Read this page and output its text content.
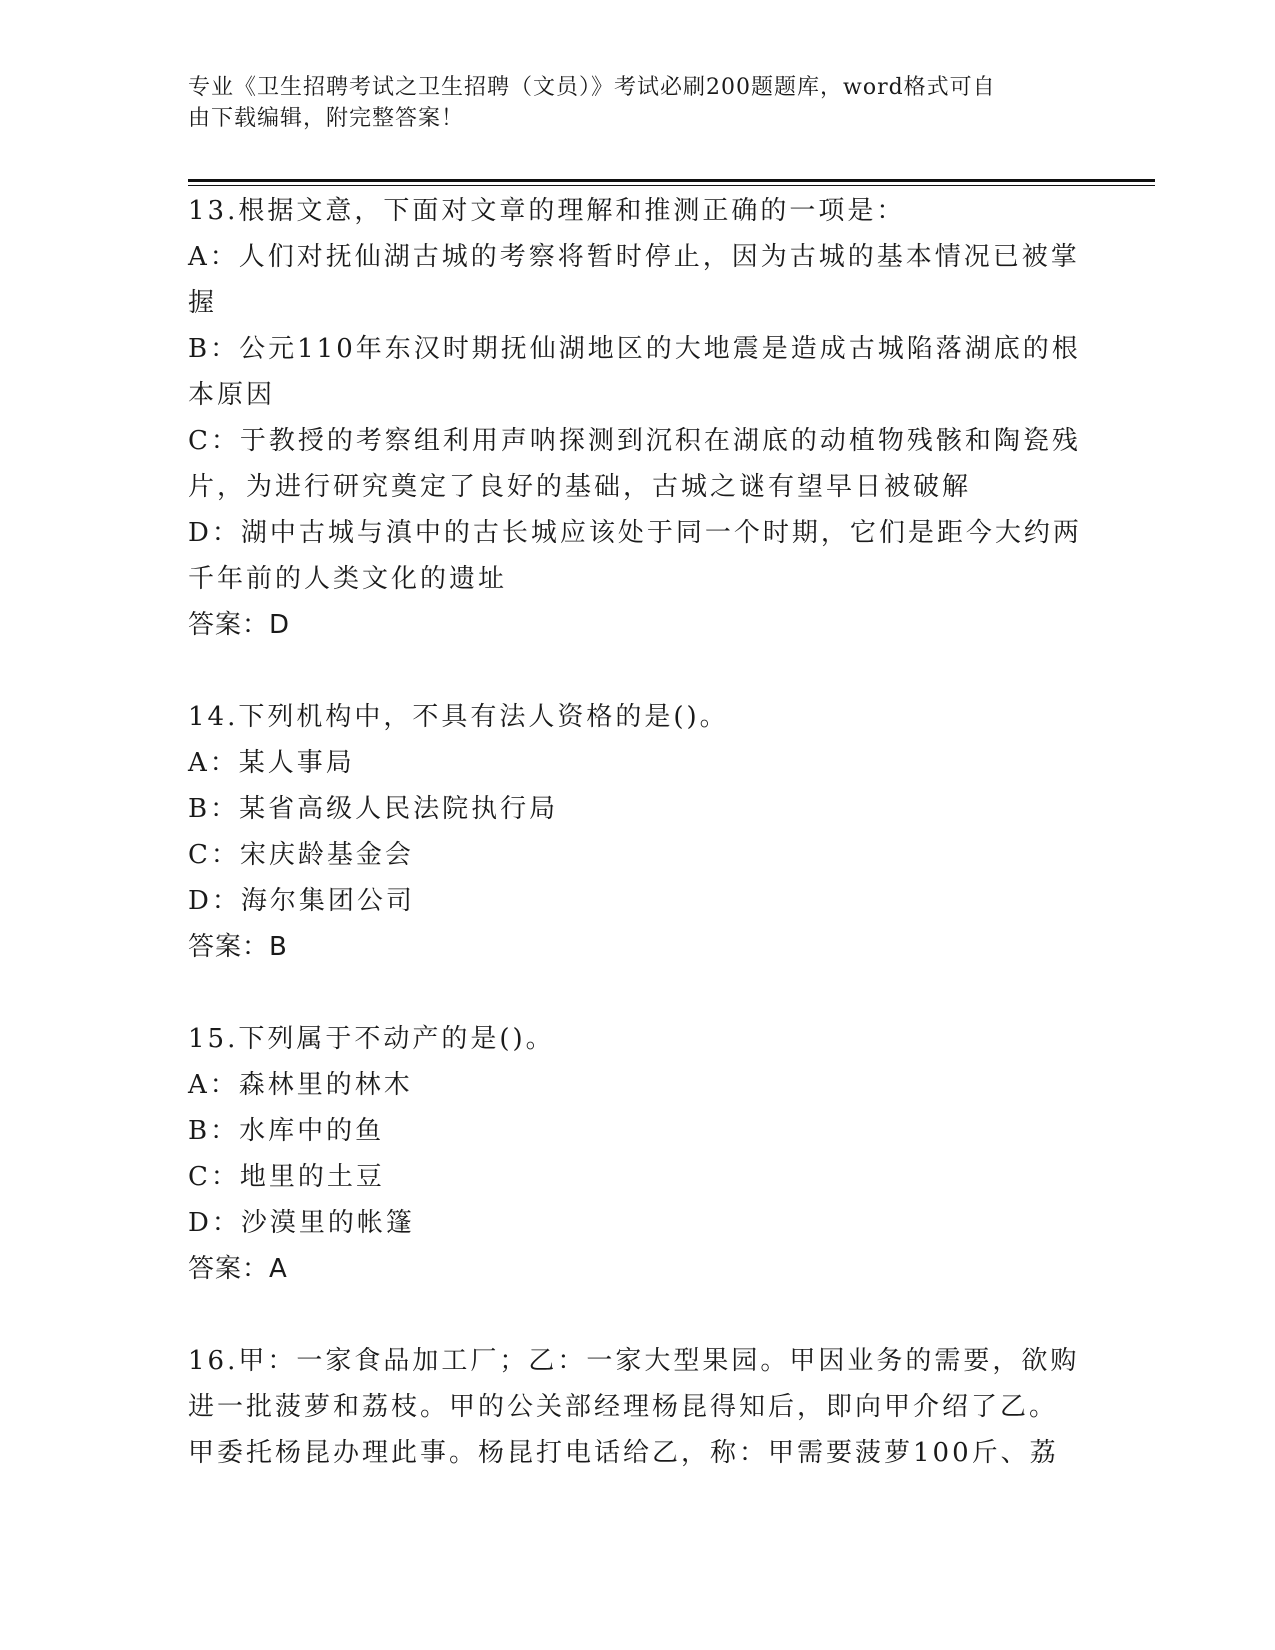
专业《卫生招聘考试之卫生招聘（文员）》考试必刷200题题库，word格式可自
由下载编辑，附完整答案！
13.根据文意，下面对文章的理解和推测正确的一项是：
A：人们对抚仙湖古城的考察将暂时停止，因为古城的基本情况已被掌
握
B：公元110年东汉时期抚仙湖地区的大地震是造成古城陷落湖底的根
本原因
C：于教授的考察组利用声呐探测到沉积在湖底的动植物残骸和陶瓷残
片，为进行研究奠定了良好的基础，古城之谜有望早日被破解
D：湖中古城与滇中的古长城应该处于同一个时期，它们是距今大约两
千年前的人类文化的遗址
答案：D
14.下列机构中，不具有法人资格的是()。
A：某人事局
B：某省高级人民法院执行局
C：宋庆龄基金会
D：海尔集团公司
答案：B
15.下列属于不动产的是()。
A：森林里的林木
B：水库中的鱼
C：地里的土豆
D：沙漠里的帐篷
答案：A
16.甲：一家食品加工厂；乙：一家大型果园。甲因业务的需要，欲购
进一批菠萝和荔枝。甲的公关部经理杨昆得知后，即向甲介绍了乙。
甲委托杨昆办理此事。杨昆打电话给乙，称：甲需要菠萝100斤、荔
